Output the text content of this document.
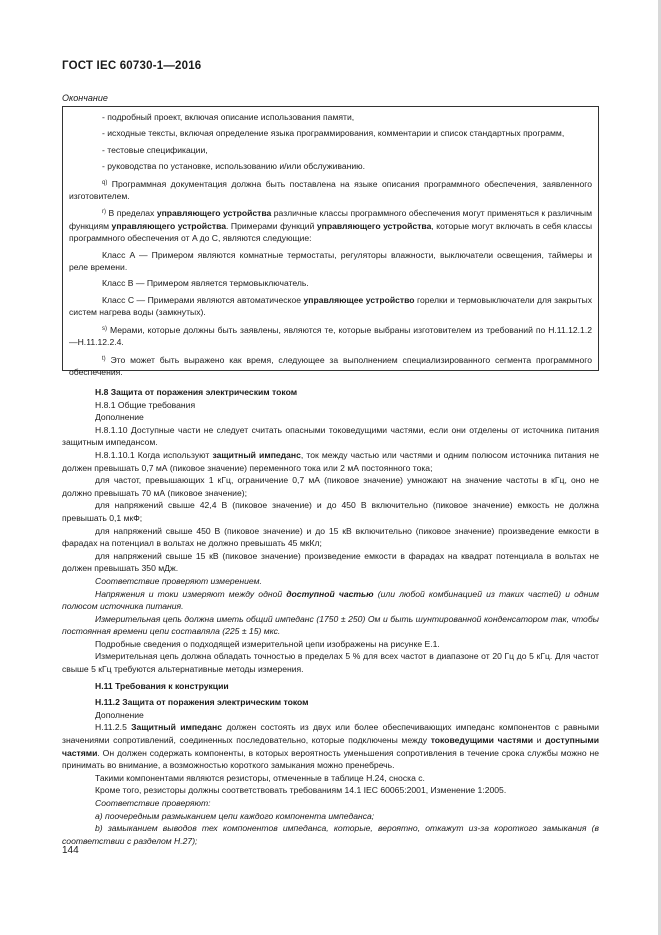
ГОСТ IEC 60730-1—2016
Окончание

- подробный проект, включая описание использования памяти,

- исходные тексты, включая определение языка программирования, комментарии и список стандартных программ,

- тестовые спецификации,

- руководства по установке, использованию и/или обслуживанию.

$^{q)}$ Программная документация должна быть поставлена на языке описания программного обеспечения, заявленного изготовителем.

$^{r)}$ В пределах управляющего устройства различные классы программного обеспечения могут применяться к различным функциям управляющего устройства. Примерами функций управляющего устройства, которые могут включать в себя классы программного обеспечения от A до C, являются следующие:

Класс A — Примером являются комнатные термостаты, регуляторы влажности, выключатели освещения, таймеры и реле времени.

Класс B — Примером является термовыключатель.

Класс C — Примерами являются автоматическое управляющее устройство горелки и термовыключатели для закрытых систем нагрева воды (замкнутых).

$^{s)}$ Мерами, которые должны быть заявлены, являются те, которые выбраны изготовителем из требований по H.11.12.1.2—H.11.12.2.4.

$^{t)}$ Это может быть выражено как время, следующее за выполнением специализированного сегмента программного обеспечения.

H.8 Защита от поражения электрическим током

H.8.1 Общие требования

Дополнение

H.8.1.10 Доступные части не следует считать опасными токоведущими частями, если они отделены от источника питания защитным импедансом.

H.8.1.10.1 Когда используют защитный импеданс, ток между частью или частями и одним полюсом источника питания не должен превышать 0,7 мА (пиковое значение) переменного тока или 2 мА постоянного тока;

для частот, превышающих 1 кГц, ограничение 0,7 мА (пиковое значение) умножают на значение частоты в кГц, оно не должно превышать 70 мА (пиковое значение);

для напряжений свыше 42,4 В (пиковое значение) и до 450 В включительно (пиковое значение) емкость не должна превышать 0,1 мкФ;

для напряжений свыше 450 В (пиковое значение) и до 15 кВ включительно (пиковое значение) произведение емкости в фарадах на потенциал в вольтах не должно превышать 45 мкКл;

для напряжений свыше 15 кВ (пиковое значение) произведение емкости в фарадах на квадрат потенциала в вольтах не должен превышать 350 мДж.

Соответствие проверяют измерением.

Напряжения и токи измеряют между одной доступной частью (или любой комбинацией из таких частей) и одним полюсом источника питания.

Измерительная цепь должна иметь общий импеданс (1750 ± 250) Ом и быть шунтированной конденсатором так, чтобы постоянная времени цепи составляла (225 ± 15) мкс.

Подробные сведения о подходящей измерительной цепи изображены на рисунке E.1.

Измерительная цепь должна обладать точностью в пределах 5 % для всех частот в диапазоне от 20 Гц до 5 кГц. Для частот свыше 5 кГц требуются альтернативные методы измерения.

H.11 Требования к конструкции

H.11.2 Защита от поражения электрическим током

Дополнение

H.11.2.5 Защитный импеданс должен состоять из двух или более обеспечивающих импеданс компонентов с равными значениями сопротивлений, соединенных последовательно, которые подключены между токоведущими частями и доступными частями. Он должен содержать компоненты, в которых вероятность уменьшения сопротивления в течение срока службы можно не принимать во внимание, а возможностью короткого замыкания можно пренебречь.

Такими компонентами являются резисторы, отмеченные в таблице H.24, сноска c.

Кроме того, резисторы должны соответствовать требованиям 14.1 IEC 60065:2001, Изменение 1:2005.

Соответствие проверяют:

a) поочередным размыканием цепи каждого компонента импеданса;

b) замыканием выводов тех компонентов импеданса, которые, вероятно, откажут из-за короткого замыкания (в соответствии с разделом H.27);

144
